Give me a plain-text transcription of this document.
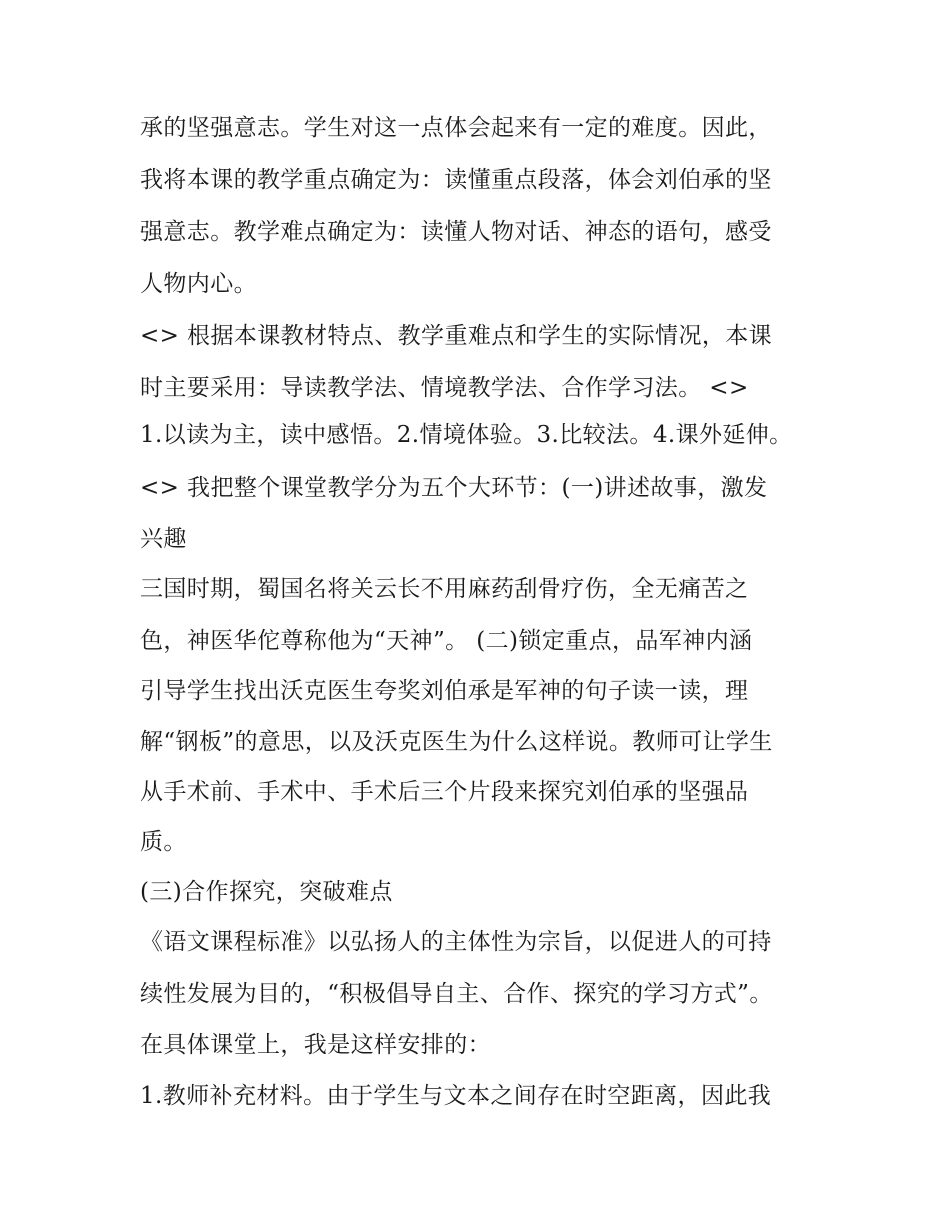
承的坚强意志。学生对这一点体会起来有一定的难度。因此，
我将本课的教学重点确定为：读懂重点段落，体会刘伯承的坚
强意志。教学难点确定为：读懂人物对话、神态的语句，感受
人物内心。
<> 根据本课教材特点、教学重难点和学生的实际情况，本课
时主要采用：导读教学法、情境教学法、合作学习法。 <>
1.以读为主，读中感悟。2.情境体验。3.比较法。4.课外延伸。
<> 我把整个课堂教学分为五个大环节：(一)讲述故事，激发
兴趣
三国时期，蜀国名将关云长不用麻药刮骨疗伤，全无痛苦之
色，神医华佗尊称他为“天神”。 (二)锁定重点，品军神内涵
引导学生找出沃克医生夸奖刘伯承是军神的句子读一读，理
解“钢板”的意思，以及沃克医生为什么这样说。教师可让学生
从手术前、手术中、手术后三个片段来探究刘伯承的坚强品
质。
(三)合作探究，突破难点
《语文课程标准》以弘扬人的主体性为宗旨，以促进人的可持
续性发展为目的，“积极倡导自主、合作、探究的学习方式”。
在具体课堂上，我是这样安排的：
1.教师补充材料。由于学生与文本之间存在时空距离，因此我
